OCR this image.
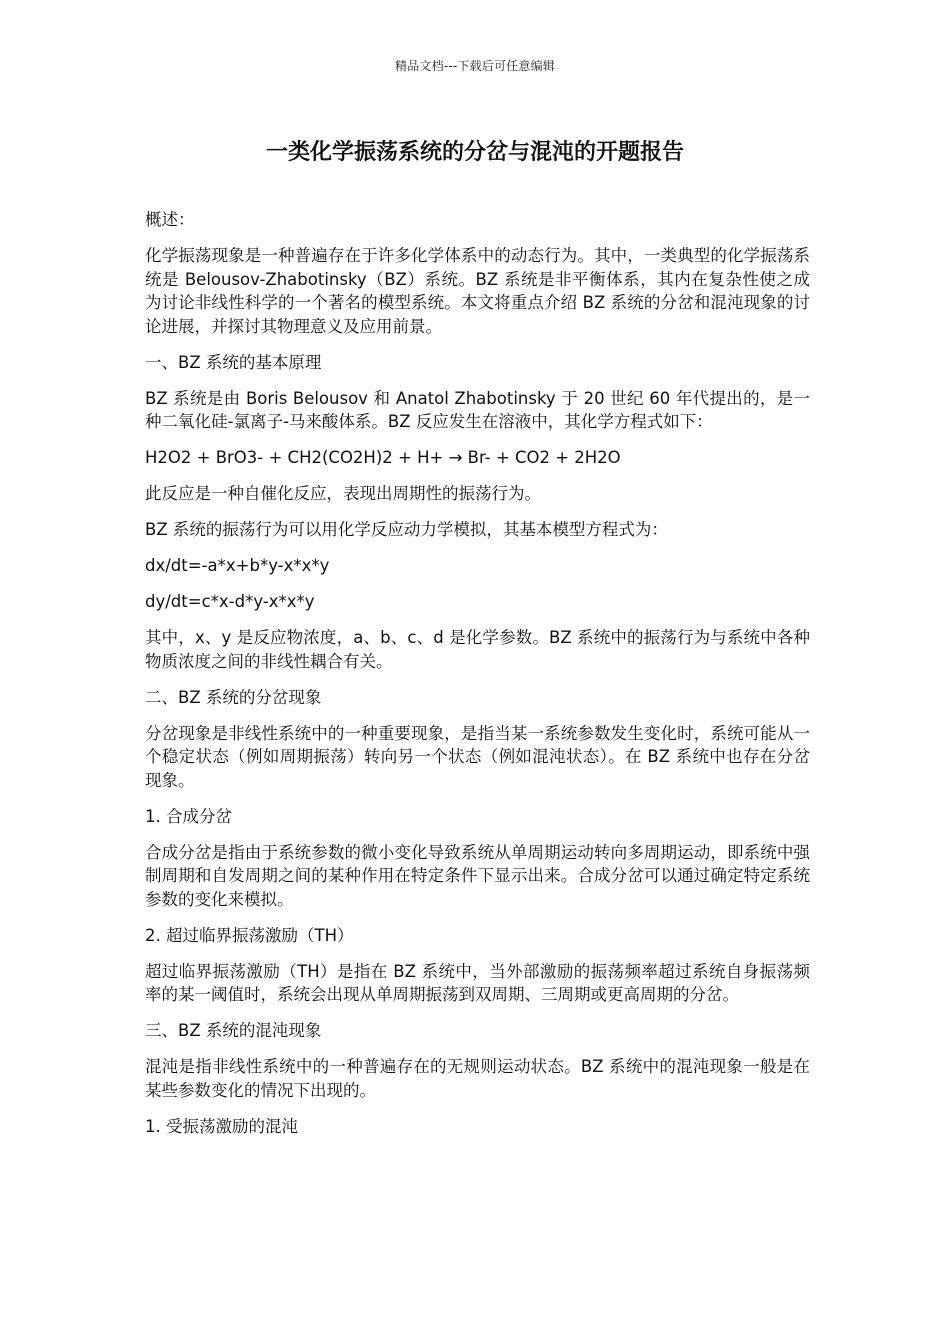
精品文档---下载后可任意编辑
一类化学振荡系统的分岔与混沌的开题报告
概述：
化学振荡现象是一种普遍存在于许多化学体系中的动态行为。其中，一类典型的化学振荡系统是 Belousov-Zhabotinsky（BZ）系统。BZ 系统是非平衡体系，其内在复杂性使之成为讨论非线性科学的一个著名的模型系统。本文将重点介绍 BZ 系统的分岔和混沌现象的讨论进展，并探讨其物理意义及应用前景。
一、BZ 系统的基本原理
BZ 系统是由 Boris Belousov 和 Anatol Zhabotinsky 于 20 世纪 60 年代提出的，是一种二氧化硅-氯离子-马来酸体系。BZ 反应发生在溶液中，其化学方程式如下：
H2O2 + BrO3- + CH2(CO2H)2 + H+ → Br- + CO2 + 2H2O
此反应是一种自催化反应，表现出周期性的振荡行为。
BZ 系统的振荡行为可以用化学反应动力学模拟，其基本模型方程式为：
dx/dt=-a*x+b*y-x*x*y
dy/dt=c*x-d*y-x*x*y
其中，x、y 是反应物浓度，a、b、c、d 是化学参数。BZ 系统中的振荡行为与系统中各种物质浓度之间的非线性耦合有关。
二、BZ 系统的分岔现象
分岔现象是非线性系统中的一种重要现象，是指当某一系统参数发生变化时，系统可能从一个稳定状态（例如周期振荡）转向另一个状态（例如混沌状态）。在 BZ 系统中也存在分岔现象。
1. 合成分岔
合成分岔是指由于系统参数的微小变化导致系统从单周期运动转向多周期运动，即系统中强制周期和自发周期之间的某种作用在特定条件下显示出来。合成分岔可以通过确定特定系统参数的变化来模拟。
2. 超过临界振荡激励（TH）
超过临界振荡激励（TH）是指在 BZ 系统中，当外部激励的振荡频率超过系统自身振荡频率的某一阈值时，系统会出现从单周期振荡到双周期、三周期或更高周期的分岔。
三、BZ 系统的混沌现象
混沌是指非线性系统中的一种普遍存在的无规则运动状态。BZ 系统中的混沌现象一般是在某些参数变化的情况下出现的。
1. 受振荡激励的混沌
